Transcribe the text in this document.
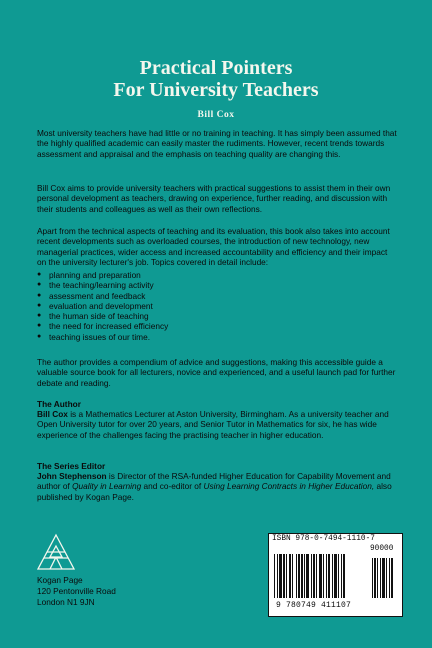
Practical Pointers
For University Teachers
Bill Cox
Most university teachers have had little or no training in teaching. It has simply been assumed that the highly qualified academic can easily master the rudiments. However, recent trends towards assessment and appraisal and the emphasis on teaching quality are changing this.
Bill Cox aims to provide university teachers with practical suggestions to assist them in their own personal development as teachers, drawing on experience, further reading, and discussion with their students and colleagues as well as their own reflections.
Apart from the technical aspects of teaching and its evaluation, this book also takes into account recent developments such as overloaded courses, the introduction of new technology, new managerial practices, wider access and increased accountability and efficiency and their impact on the university lecturer's job. Topics covered in detail include:
● planning and preparation
● the teaching/learning activity
● assessment and feedback
● evaluation and development
● the human side of teaching
● the need for increased efficiency
● teaching issues of our time.
The author provides a compendium of advice and suggestions, making this accessible guide a valuable source book for all lecturers, novice and experienced, and a useful launch pad for further debate and reading.
The Author
Bill Cox is a Mathematics Lecturer at Aston University, Birmingham. As a university teacher and Open University tutor for over 20 years, and Senior Tutor in Mathematics for six, he has wide experience of the challenges facing the practising teacher in higher education.
The Series Editor
John Stephenson is Director of the RSA-funded Higher Education for Capability Movement and author of Quality in Learning and co-editor of Using Learning Contracts in Higher Education, also published by Kogan Page.
Kogan Page
120 Pentonville Road
London N1 9JN
ISBN 978-0-7494-1110-7
90000
9 780749 411107
